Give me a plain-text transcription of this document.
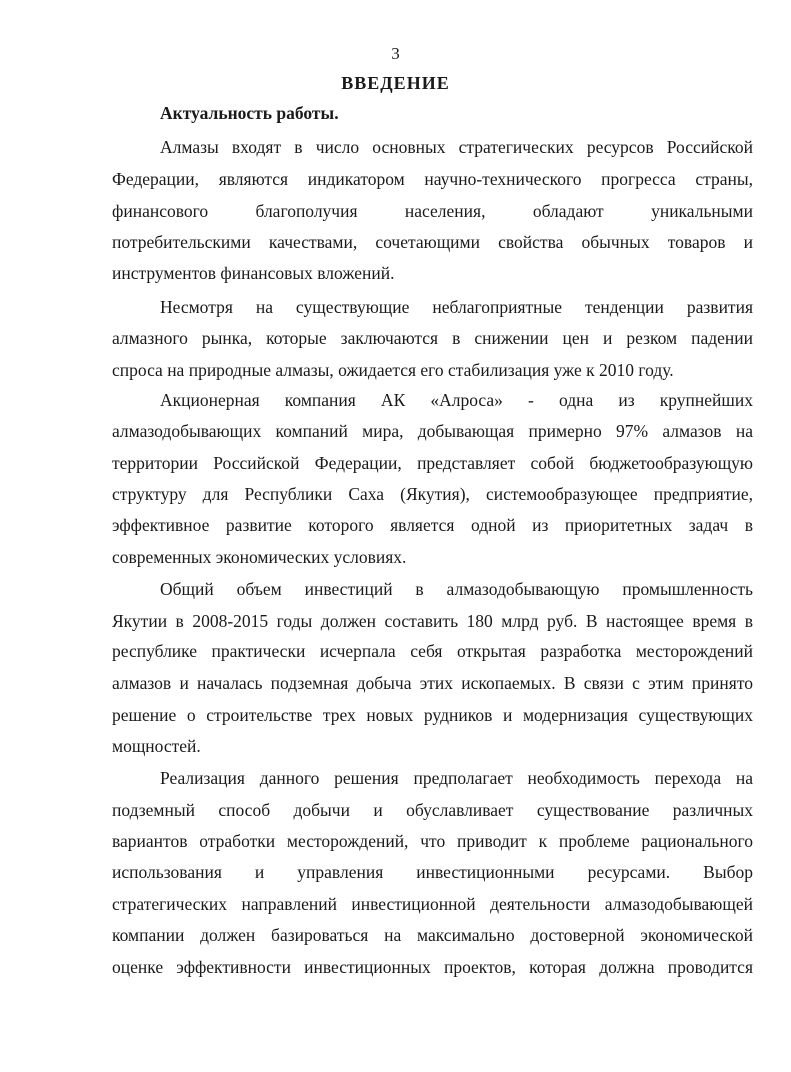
3
ВВЕДЕНИЕ
Актуальность работы.
Алмазы входят в число основных стратегических ресурсов Российской
Федерации, являются индикатором научно-технического прогресса страны,
финансового благополучия населения, обладают уникальными
потребительскими качествами, сочетающими свойства обычных товаров и
инструментов финансовых вложений.
Несмотря на существующие неблагоприятные тенденции развития
алмазного рынка, которые заключаются в снижении цен и резком падении
спроса на природные алмазы, ожидается его стабилизация уже к 2010 году.
Акционерная компания АК «Алроса» - одна из крупнейших
алмазодобывающих компаний мира, добывающая примерно 97% алмазов на
территории Российской Федерации, представляет собой бюджетообразующую
структуру для Республики Саха (Якутия), системообразующее предприятие,
эффективное развитие которого является одной из приоритетных задач в
современных экономических условиях.
Общий объем инвестиций в алмазодобывающую промышленность
Якутии в 2008-2015 годы должен составить 180 млрд руб. В настоящее время в
республике практически исчерпала себя открытая разработка месторождений
алмазов и началась подземная добыча этих ископаемых. В связи с этим принято
решение о строительстве трех новых рудников и модернизация существующих
мощностей.
Реализация данного решения предполагает необходимость перехода на
подземный способ добычи и обуславливает существование различных
вариантов отработки месторождений, что приводит к проблеме рационального
использования и управления инвестиционными ресурсами. Выбор
стратегических направлений инвестиционной деятельности алмазодобывающей
компании должен базироваться на максимально достоверной экономической
оценке эффективности инвестиционных проектов, которая должна проводится
